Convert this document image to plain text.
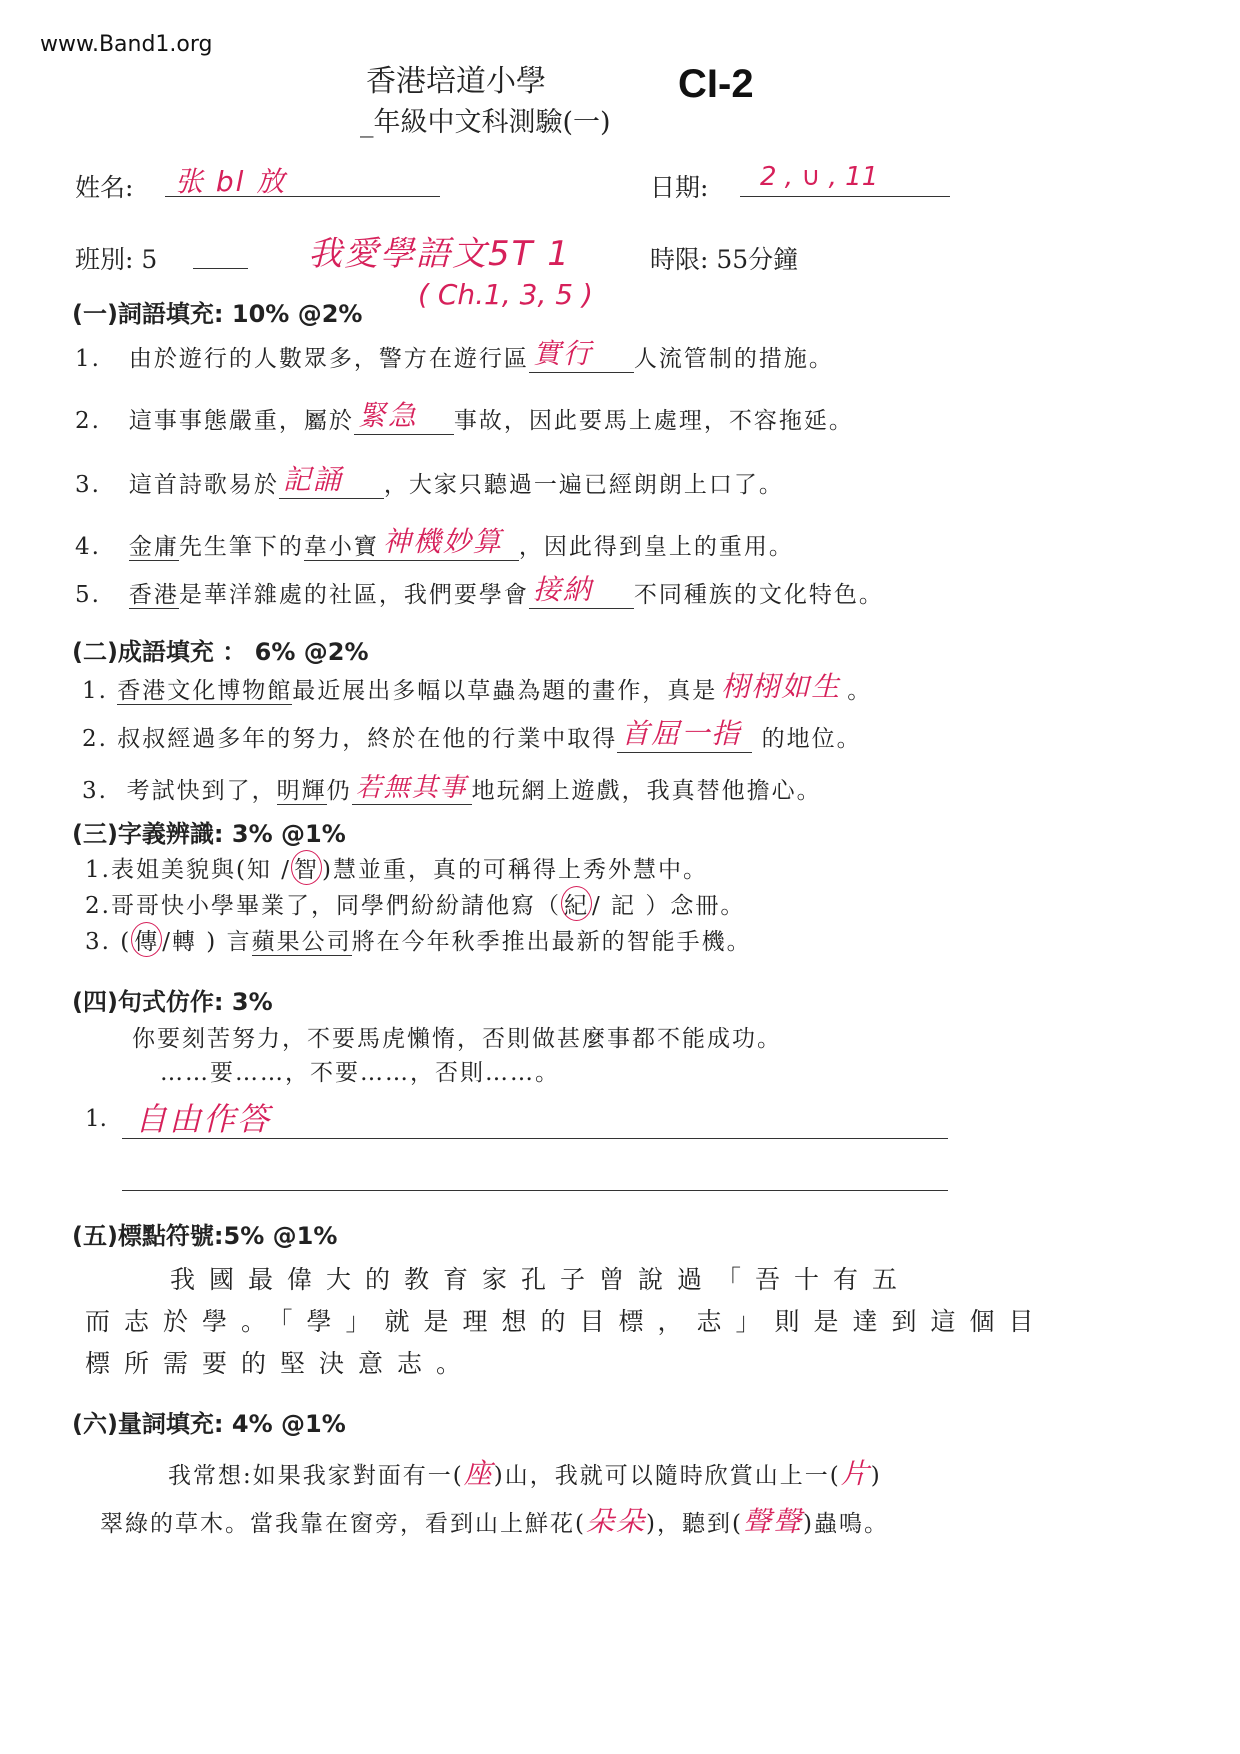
www.Band1.org
香港培道小學	CI-2
_年級中文科測驗(一)
姓名: 张 bl 放	日期: 2 , ∪ , 11
班別: 5	我愛學語文5T 1
( Ch.1, 3, 5 )
時限: 55分鐘
(一)詞語填充: 10% @2%
1. 由於遊行的人數眾多，警方在遊行區 實行 人流管制的措施。
2. 這事事態嚴重，屬於 緊急 事故，因此要馬上處理，不容拖延。
3. 這首詩歌易於 記誦 ，大家只聽過一遍已經朗朗上口了。
4. 金庸先生筆下的韋小寶 神機妙算 ，因此得到皇上的重用。
5. 香港是華洋雜處的社區，我們要學會 接納 不同種族的文化特色。
(二)成語填充 ： 6% @2%
1. 香港文化博物館最近展出多幅以草蟲為題的畫作，真是 栩栩如生 。
2. 叔叔經過多年的努力，終於在他的行業中取得 首屈一指 的地位。
3. 考試快到了，明輝仍 若無其事 地玩網上遊戲，我真替他擔心。
(三)字義辨識: 3% @1%
1.表姐美貌與(知 / 智 )慧並重，真的可稱得上秀外慧中。
2.哥哥快小學畢業了，同學們紛紛請他寫（ 紀 / 記 ）念冊。
3. ( 傳 /轉 ) 言蘋果公司將在今年秋季推出最新的智能手機。
(四)句式仿作: 3%
你要刻苦努力，不要馬虎懶惰，否則做甚麼事都不能成功。
……要……，不要……，否則……。
1. 自由作答
(五)標點符號:5% @1%
我國最偉大的教育家孔子曾說過「吾十有五
而志於學。「學」就是理想的目標，志」則是達到這個目
標所需要的堅決意志。
(六)量詞填充: 4% @1%
我常想:如果我家對面有一(座)山，我就可以隨時欣賞山上一(片)
翠綠的草木。當我靠在窗旁，看到山上鮮花(朵朵)，聽到(聲聲)蟲鳴。
